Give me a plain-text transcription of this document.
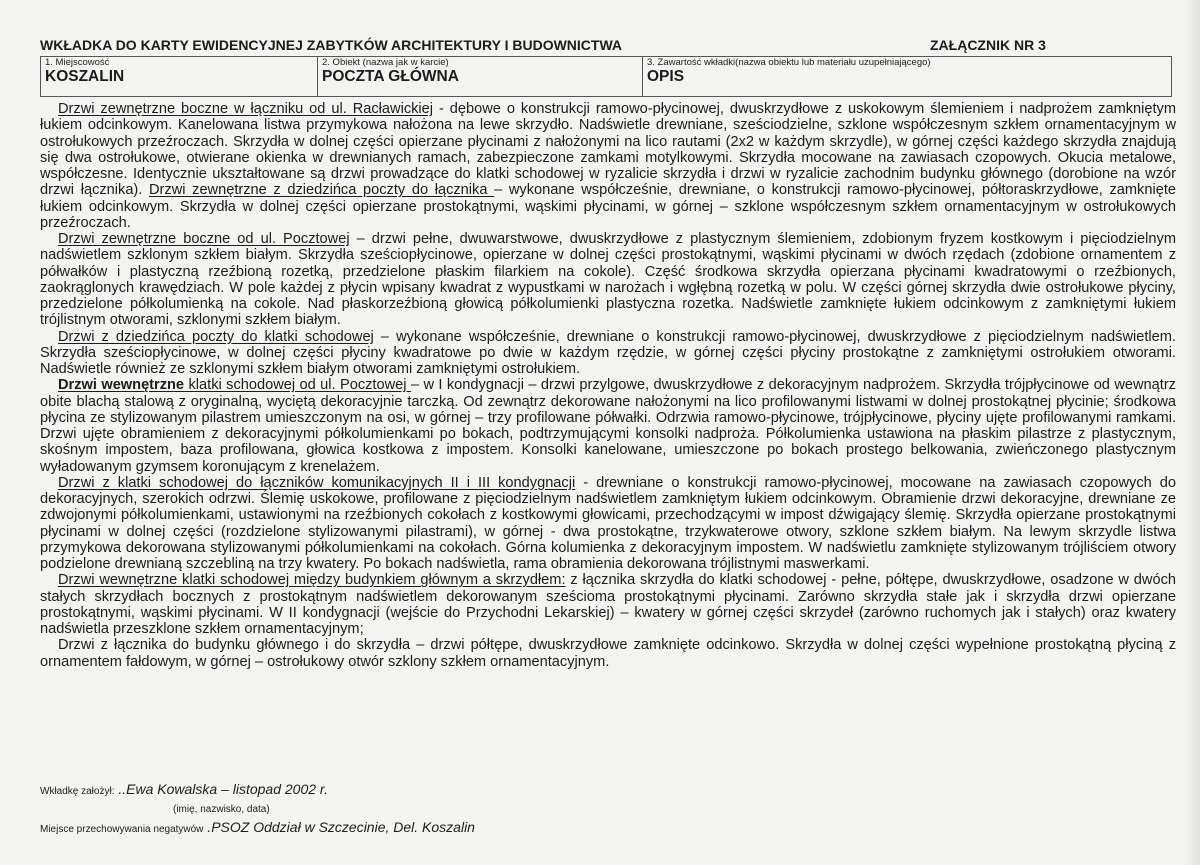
WKŁADKA DO KARTY EWIDENCYJNEJ ZABYTKÓW ARCHITEKTURY I BUDOWNICTWA	ZAŁĄCZNIK NR 3
1. Miejscowość
KOSZALIN
2. Obiekt (nazwa jak w karcie)
POCZTA GŁÓWNA
3. Zawartość wkładki(nazwa obiektu lub materiału uzupełniającego)
OPIS

Drzwi zewnętrzne boczne w łączniku od ul. Racławickiej - dębowe o konstrukcji ramowo-płycinowej, dwuskrzydłowe z uskokowym ślemieniem i nadprożem zamkniętym łukiem odcinkowym. Kanelowana listwa przymykowa nałożona na lewe skrzydło. Nadświetle drewniane, sześciodzielne, szklone współczesnym szkłem ornamentacyjnym w ostrołukowych przeźroczach. Skrzydła w dolnej części opierzane płycinami z nałożonymi na lico rautami (2x2 w każdym skrzydle), w górnej części każdego skrzydła znajdują się dwa ostrołukowe, otwierane okienka w drewnianych ramach, zabezpieczone zamkami motylkowymi. Skrzydła mocowane na zawiasach czopowych. Okucia metalowe, współczesne. Identycznie ukształtowane są drzwi prowadzące do klatki schodowej w ryzalicie skrzydła i drzwi w ryzalicie zachodnim budynku głównego (dorobione na wzór drzwi łącznika). Drzwi zewnętrzne z dziedzińca poczty do łącznika – wykonane współcześnie, drewniane, o konstrukcji ramowo-płycinowej, półtoraskrzydłowe, zamknięte łukiem odcinkowym. Skrzydła w dolnej części opierzane prostokątnymi, wąskimi płycinami, w górnej – szklone współczesnym szkłem ornamentacyjnym w ostrołukowych przeźroczach.

Drzwi zewnętrzne boczne od ul. Pocztowej – drzwi pełne, dwuwarstwowe, dwuskrzydłowe z plastycznym ślemieniem, zdobionym fryzem kostkowym i pięciodzielnym nadświetlem szklonym szkłem białym. Skrzydła sześciopłycinowe, opierzane w dolnej części prostokątnymi, wąskimi płycinami w dwóch rzędach (zdobione ornamentem z półwałków i plastyczną rzeźbioną rozetką, przedzielone płaskim filarkiem na cokole). Część środkowa skrzydła opierzana płycinami kwadratowymi o rzeźbionych, zaokrąglonych krawędziach. W pole każdej z płycin wpisany kwadrat z wypustkami w narożach i wgłębną rozetką w polu. W części górnej skrzydła dwie ostrołukowe płyciny, przedzielone półkolumienką na cokole. Nad płaskorzeźbioną głowicą półkolumienki plastyczna rozetka. Nadświetle zamknięte łukiem odcinkowym z zamkniętymi łukiem trójlistnym otworami, szklonymi szkłem białym.

Drzwi z dziedzińca poczty do klatki schodowej – wykonane współcześnie, drewniane o konstrukcji ramowo-płycinowej, dwuskrzydłowe z pięciodzielnym nadświetlem. Skrzydła sześciopłycinowe, w dolnej części płyciny kwadratowe po dwie w każdym rzędzie, w górnej części płyciny prostokątne z zamkniętymi ostrołukiem otworami. Nadświetle również ze szklonymi szkłem białym otworami zamkniętymi ostrołukiem.

Drzwi wewnętrzne klatki schodowej od ul. Pocztowej – w I kondygnacji – drzwi przylgowe, dwuskrzydłowe z dekoracyjnym nadprożem. Skrzydła trójpłycinowe od wewnątrz obite blachą stalową z oryginalną, wyciętą dekoracyjnie tarczką. Od zewnątrz dekorowane nałożonymi na lico profilowanymi listwami w dolnej prostokątnej płycinie; środkowa płycina ze stylizowanym pilastrem umieszczonym na osi, w górnej – trzy profilowane półwałki. Odrzwia ramowo-płycinowe, trójpłycinowe, płyciny ujęte profilowanymi ramkami. Drzwi ujęte obramieniem z dekoracyjnymi półkolumienkami po bokach, podtrzymującymi konsolki nadproża. Półkolumienka ustawiona na płaskim pilastrze z plastycznym, skośnym impostem, baza profilowana, głowica kostkowa z impostem. Konsolki kanelowane, umieszczone po bokach prostego belkowania, zwieńczonego plastycznym wyładowanym gzymsem koronującym z krenelażem.

Drzwi z klatki schodowej do łączników komunikacyjnych II i III kondygnacji - drewniane o konstrukcji ramowo-płycinowej, mocowane na zawiasach czopowych do dekoracyjnych, szerokich odrzwi. Ślemię uskokowe, profilowane z pięciodzielnym nadświetlem zamkniętym łukiem odcinkowym. Obramienie drzwi dekoracyjne, drewniane ze zdwojonymi półkolumienkami, ustawionymi na rzeźbionych cokołach z kostkowymi głowicami, przechodzącymi w impost dźwigający ślemię. Skrzydła opierzane prostokątnymi płycinami w dolnej części (rozdzielone stylizowanymi pilastrami), w górnej - dwa prostokątne, trzykwaterowe otwory, szklone szkłem białym. Na lewym skrzydle listwa przymykowa dekorowana stylizowanymi półkolumienkami na cokołach. Górna kolumienka z dekoracyjnym impostem. W nadświetlu zamknięte stylizowanym trójliściem otwory podzielone drewnianą szczebliną na trzy kwatery. Po bokach nadświetla, rama obramienia dekorowana trójlistnymi maswerkami.

Drzwi wewnętrzne klatki schodowej między budynkiem głównym a skrzydłem: z łącznika skrzydła do klatki schodowej - pełne, półtępe, dwuskrzydłowe, osadzone w dwóch stałych skrzydłach bocznych z prostokątnym nadświetlem dekorowanym sześcioma prostokątnymi płycinami. Zarówno skrzydła stałe jak i skrzydła drzwi opierzane prostokątnymi, wąskimi płycinami. W II kondygnacji (wejście do Przychodni Lekarskiej) – kwatery w górnej części skrzydeł (zarówno ruchomych jak i stałych) oraz kwatery nadświetla przeszklone szkłem ornamentacyjnym;

Drzwi z łącznika do budynku głównego i do skrzydła – drzwi półtępe, dwuskrzydłowe zamknięte odcinkowo. Skrzydła w dolnej części wypełnione prostokątną płyciną z ornamentem fałdowym, w górnej – ostrołukowy otwór szklony szkłem ornamentacyjnym.

Wkładkę założył: ..Ewa Kowalska – listopad 2002 r.
(imię, nazwisko, data)
Miejsce przechowywania negatywów .PSOZ Oddział w Szczecinie, Del. Koszalin
